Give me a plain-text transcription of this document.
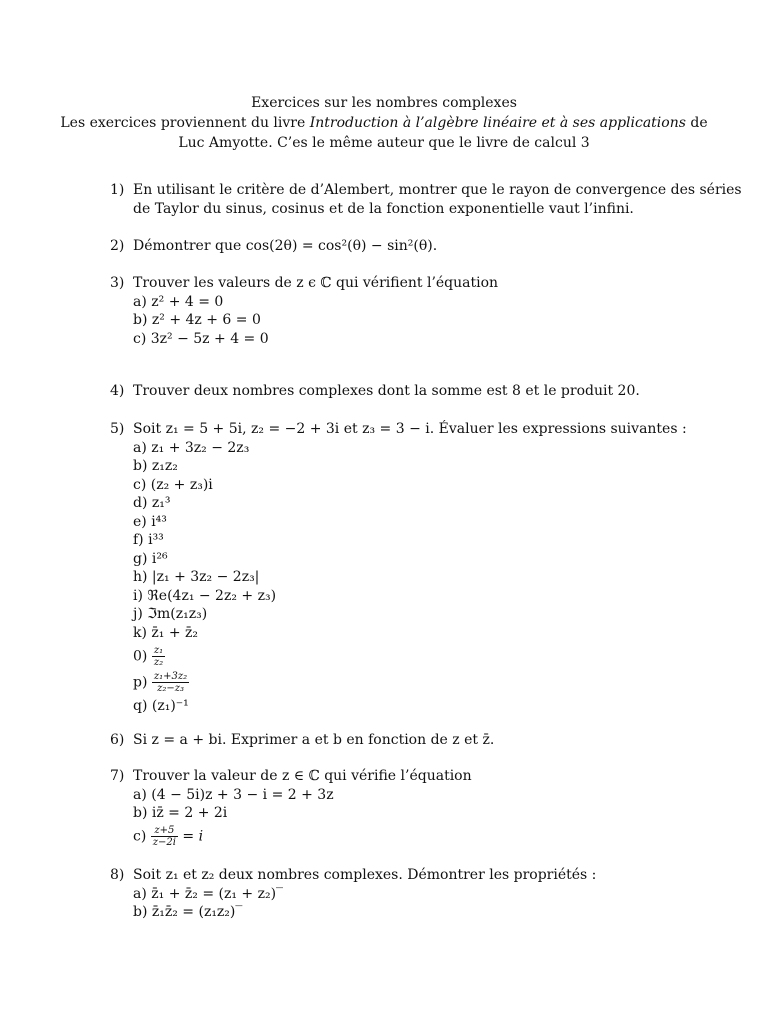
Exercices sur les nombres complexes
Les exercices proviennent du livre Introduction à l’algèbre linéaire et à ses applications de
Luc Amyotte. C’es le même auteur que le livre de calcul 3
1) En utilisant le critère de d’Alembert, montrer que le rayon de convergence des séries
de Taylor du sinus, cosinus et de la fonction exponentielle vaut l’infini.
2) Démontrer que cos(2θ) = cos²(θ) − sin²(θ).
3) Trouver les valeurs de z ϵ ℂ qui vérifient l’équation
a) z² + 4 = 0
b) z² + 4z + 6 = 0
c) 3z² − 5z + 4 = 0
4) Trouver deux nombres complexes dont la somme est 8 et le produit 20.
5) Soit z₁ = 5 + 5i, z₂ = −2 + 3i et z₃ = 3 − i. Évaluer les expressions suivantes :
a) z₁ + 3z₂ − 2z₃
b) z₁z₂
c) (z₂ + z₃)i
d) z₁³
e) i⁴³
f) i³³
g) i²⁶
h) |z₁ + 3z₂ − 2z₃|
i) ℜe(4z₁ − 2z₂ + z₃)
j) ℑm(z₁z₃)
k) z̄₁ + z̄₂
$0) \frac{\text{z₁}}{\text{z₂}}$
$p) \frac{\text{z₁+3z₂}}{\text{z₂−z₃}}$
q) (z₁)⁻¹
6) Si z = a + bi. Exprimer a et b en fonction de z et z̄.
7) Trouver la valeur de z ∈ ℂ qui vérifie l’équation
a) (4 − 5i)z + 3 − i = 2 + 3z
b) iz̄ = 2 + 2i
$c) \frac{z+5}{z-2i} = i$
8) Soit z₁ et z₂ deux nombres complexes. Démontrer les propriétés :
a) z̄₁ + z̄₂ = (z₁ + z₂)‾
b) z̄₁z̄₂ = (z₁z₂)‾
